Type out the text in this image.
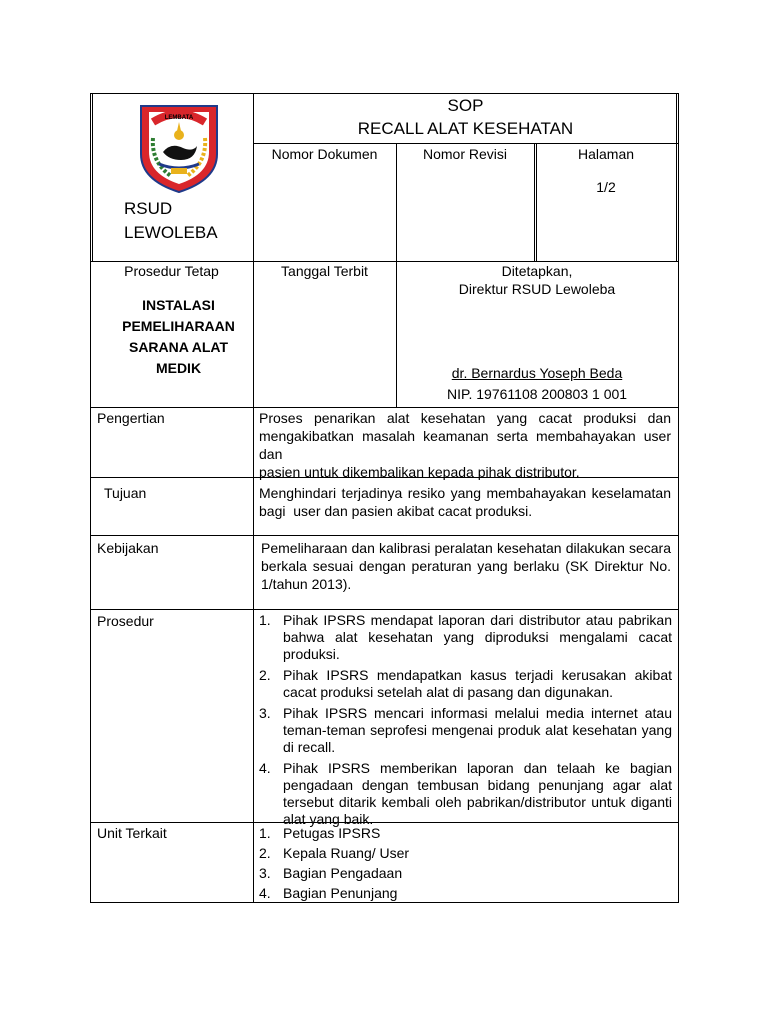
LEMBATA
SOP
RECALL ALAT KESEHATAN
RSUD
LEWOLEBA
Nomor Dokumen	Nomor Revisi	Halaman
1/2
Prosedur Tetap
INSTALASI
PEMELIHARAAN
SARANA ALAT
MEDIK
Tanggal Terbit	Ditetapkan,
Direktur RSUD Lewoleba
dr. Bernardus Yoseph Beda
NIP. 19761108 200803 1 001
Pengertian	Proses penarikan alat kesehatan yang cacat produksi dan
mengakibatkan masalah keamanan serta membahayakan user dan
pasien untuk dikembalikan kepada pihak distributor.
Tujuan	Menghindari terjadinya resiko yang membahayakan keselamatan
bagi  user dan pasien akibat cacat produksi.
Kebijakan	Pemeliharaan dan kalibrasi peralatan kesehatan dilakukan secara
berkala sesuai dengan peraturan yang berlaku (SK Direktur No.
1/tahun 2013).
Prosedur	1. Pihak IPSRS mendapat laporan dari distributor atau pabrikan bahwa alat kesehatan yang diproduksi mengalami cacat produksi.
2. Pihak IPSRS mendapatkan kasus terjadi kerusakan akibat cacat produksi setelah alat di pasang dan digunakan.
3. Pihak IPSRS mencari informasi melalui media internet atau teman-teman seprofesi mengenai produk alat kesehatan yang di recall.
4. Pihak IPSRS memberikan laporan dan telaah ke bagian pengadaan dengan tembusan bidang penunjang agar alat tersebut ditarik kembali oleh pabrikan/distributor untuk diganti alat yang baik.
Unit Terkait	1. Petugas IPSRS
2. Kepala Ruang/ User
3. Bagian Pengadaan
4. Bagian Penunjang
